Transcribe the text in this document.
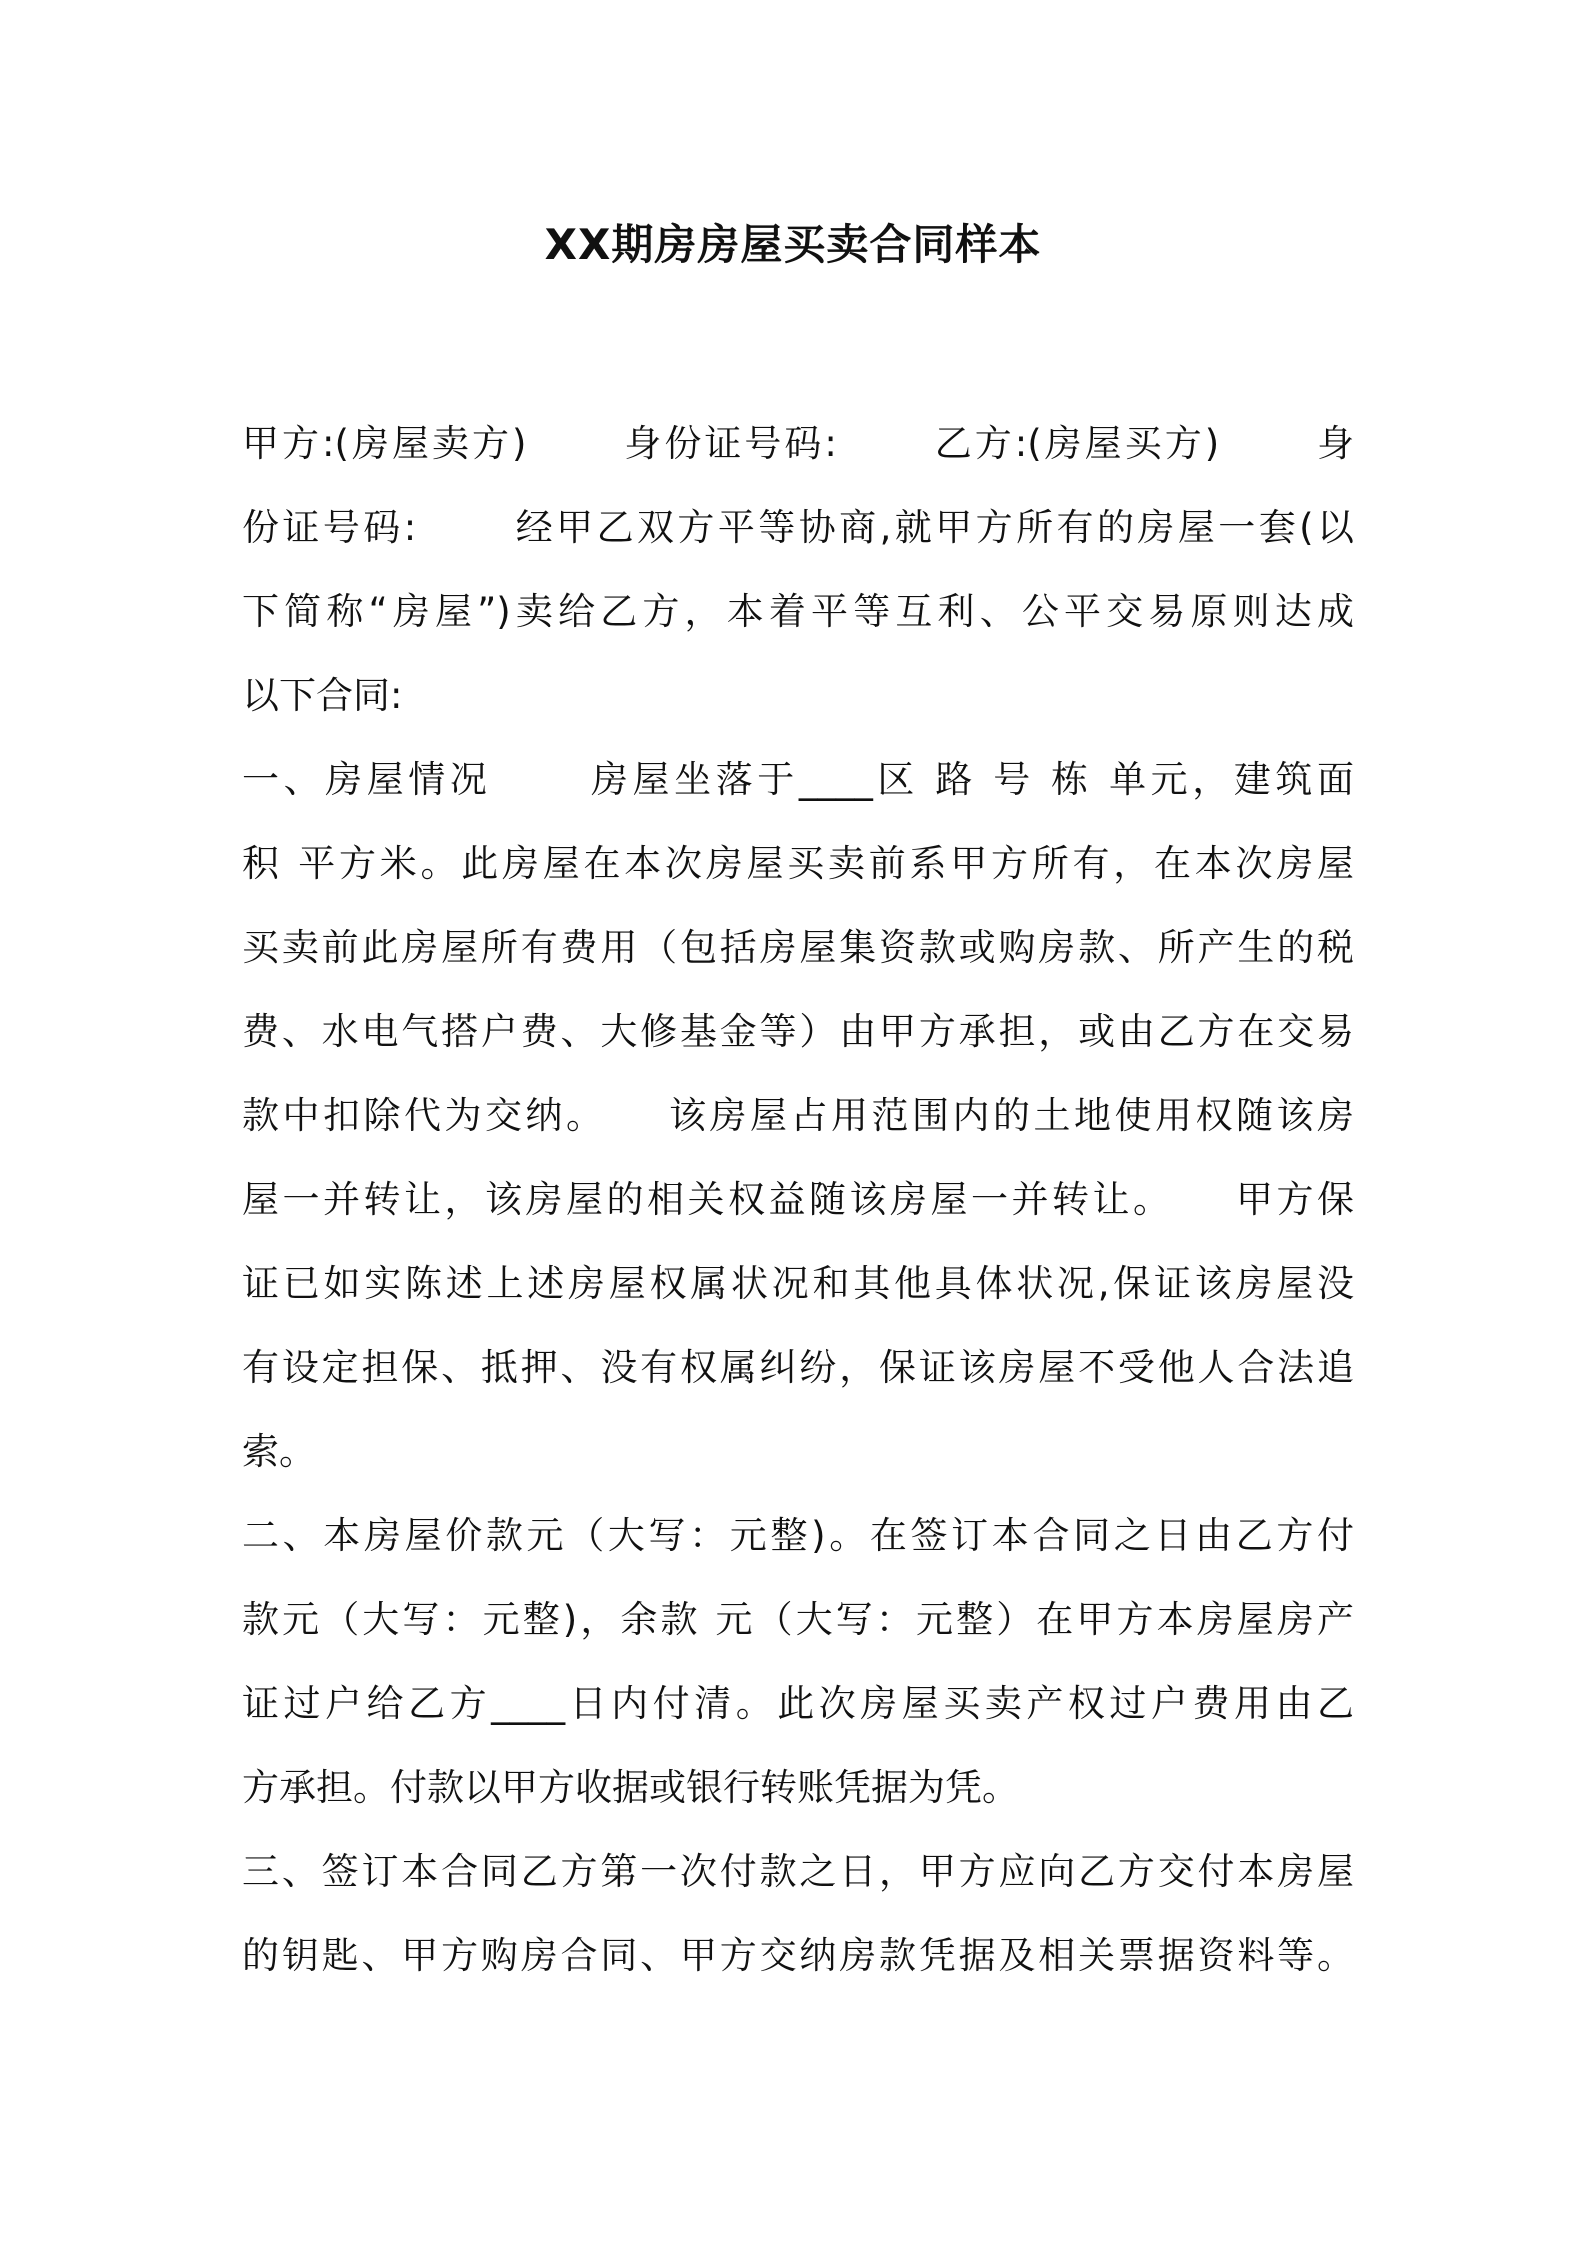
XX期房房屋买卖合同样本
甲方:(房屋卖方)　　 身份证号码:　　 乙方:(房屋买方)　　 身
份证号码:　　 经甲乙双方平等协商,就甲方所有的房屋一套(以
下简称“房屋”)卖给乙方，本着平等互利、公平交易原则达成
以下合同:
一、房屋情况　　 房屋坐落于____区 路 号 栋 单元，建筑面
积 平方米。此房屋在本次房屋买卖前系甲方所有，在本次房屋
买卖前此房屋所有费用（包括房屋集资款或购房款、所产生的税
费、水电气搭户费、大修基金等）由甲方承担，或由乙方在交易
款中扣除代为交纳。　　该房屋占用范围内的土地使用权随该房
屋一并转让，该房屋的相关权益随该房屋一并转让。　　甲方保
证已如实陈述上述房屋权属状况和其他具体状况,保证该房屋没
有设定担保、抵押、没有权属纠纷，保证该房屋不受他人合法追
索。
二、本房屋价款元（大写：元整)。在签订本合同之日由乙方付
款元（大写：元整)，余款 元（大写：元整）在甲方本房屋房产
证过户给乙方____日内付清。此次房屋买卖产权过户费用由乙
方承担。付款以甲方收据或银行转账凭据为凭。
三、签订本合同乙方第一次付款之日，甲方应向乙方交付本房屋
的钥匙、甲方购房合同、甲方交纳房款凭据及相关票据资料等。
